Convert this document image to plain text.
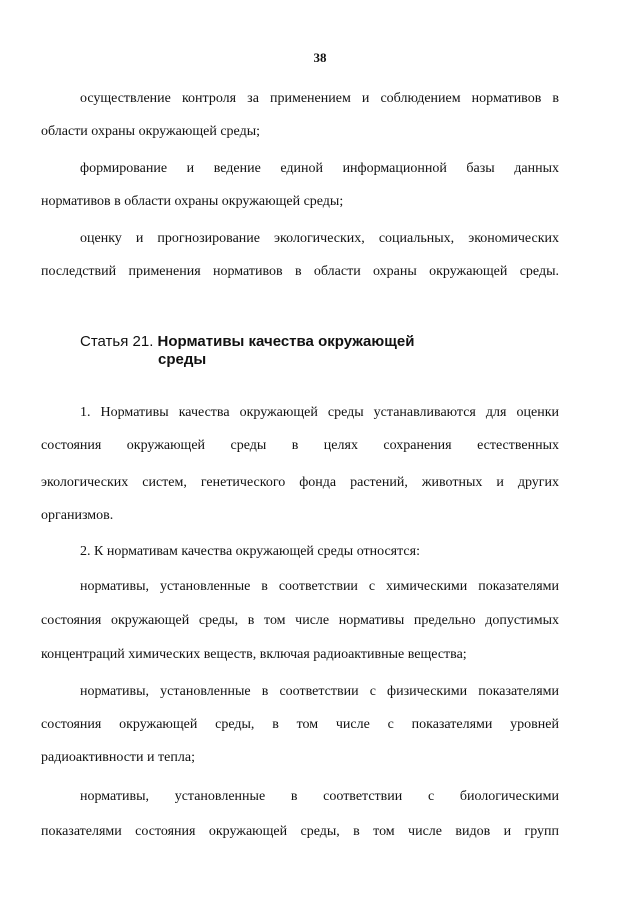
38
осуществление контроля за применением и соблюдением нормативов в
области охраны окружающей среды;
формирование и ведение единой информационной базы данных
нормативов в области охраны окружающей среды;
оценку и прогнозирование экологических, социальных, экономических
последствий применения нормативов в области охраны окружающей среды.
Статья 21. Нормативы качества окружающей
среды
1. Нормативы качества окружающей среды устанавливаются для оценки
состояния окружающей среды в целях сохранения естественных
экологических систем, генетического фонда растений, животных и других
организмов.
2. К нормативам качества окружающей среды относятся:
нормативы, установленные в соответствии с химическими показателями
состояния окружающей среды, в том числе нормативы предельно допустимых
концентраций химических веществ, включая радиоактивные вещества;
нормативы, установленные в соответствии с физическими показателями
состояния окружающей среды, в том числе с показателями уровней
радиоактивности и тепла;
нормативы, установленные в соответствии с биологическими
показателями состояния окружающей среды, в том числе видов и групп
